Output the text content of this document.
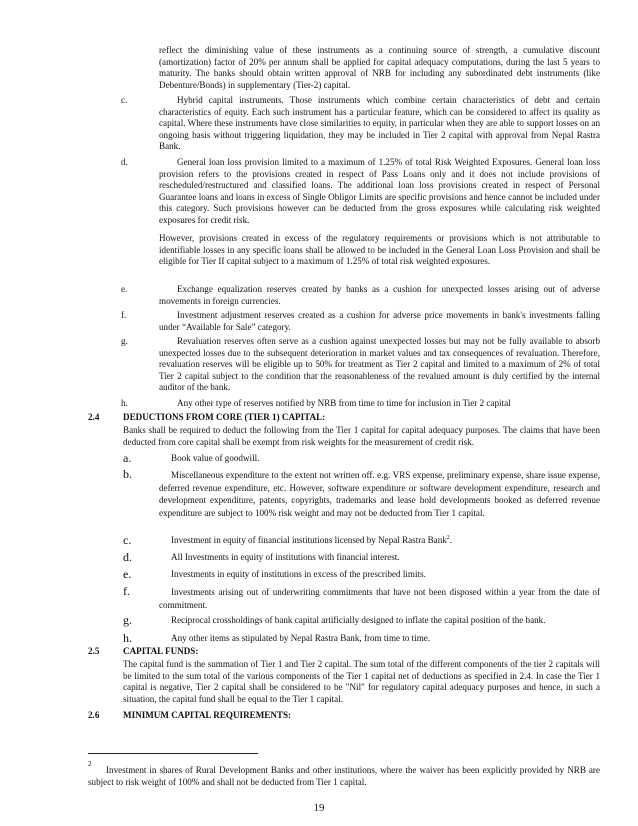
reflect the diminishing value of these instruments as a continuing source of strength, a cumulative discount (amortization) factor of 20% per annum shall be applied for capital adequacy computations, during the last 5 years to maturity. The banks should obtain written approval of NRB for including any subordinated debt instruments (like Debenture/Bonds) in supplementary (Tier-2) capital.

c.	Hybrid capital instruments. Those instruments which combine certain characteristics of debt and certain characteristics of equity. Each such instrument has a particular feature, which can be considered to affect its quality as capital. Where these instruments have close similarities to equity, in particular when they are able to support losses on an ongoing basis without triggering liquidation, they may be included in Tier 2 capital with approval from Nepal Rastra Bank.

d.	General loan loss provision limited to a maximum of 1.25% of total Risk Weighted Exposures. General loan loss provision refers to the provisions created in respect of Pass Loans only and it does not include provisions of rescheduled/restructured and classified loans. The additional loan loss provisions created in respect of Personal Guarantee loans and loans in excess of Single Obligor Limits are specific provisions and hence cannot be included under this category. Such provisions however can be deducted from the gross exposures while calculating risk weighted exposures for credit risk.

However, provisions created in excess of the regulatory requirements or provisions which is not attributable to identifiable losses in any specific loans shall be allowed to be included in the General Loan Loss Provision and shall be eligible for Tier II capital subject to a maximum of 1.25% of total risk weighted exposures.

e.	Exchange equalization reserves created by banks as a cushion for unexpected losses arising out of adverse movements in foreign currencies.

f.	Investment adjustment reserves created as a cushion for adverse price movements in bank's investments falling under “Available for Sale” category.

g.	Revaluation reserves often serve as a cushion against unexpected losses but may not be fully available to absorb unexpected losses due to the subsequent deterioration in market values and tax consequences of revaluation. Therefore, revaluation reserves will be eligible up to 50% for treatment as Tier 2 capital and limited to a maximum of 2% of total Tier 2 capital subject to the condition that the reasonableness of the revalued amount is duly certified by the internal auditor of the bank.

h.	Any other type of reserves notified by NRB from time to time for inclusion in Tier 2 capital

2.4	DEDUCTIONS FROM CORE (TIER 1) CAPITAL:

Banks shall be required to deduct the following from the Tier 1 capital for capital adequacy purposes. The claims that have been deducted from core capital shall be exempt from risk weights for the measurement of credit risk.

a.	Book value of goodwill.

b.	Miscellaneous expenditure to the extent not written off. e.g. VRS expense, preliminary expense, share issue expense, deferred revenue expenditure, etc. However, software expenditure or software development expenditure, research and development expenditure, patents, copyrights, trademarks and lease hold developments booked as deferred revenue expenditure are subject to 100% risk weight and may not be deducted from Tier 1 capital.

c.	Investment in equity of financial institutions licensed by Nepal Rastra Bank$^2$.

d.	All Investments in equity of institutions with financial interest.

e.	Investments in equity of institutions in excess of the prescribed limits.

f.	Investments arising out of underwriting commitments that have not been disposed within a year from the date of commitment.

g.	Reciprocal crossholdings of bank capital artificially designed to inflate the capital position of the bank.

h.	Any other items as stipulated by Nepal Rastra Bank, from time to time.

2.5	CAPITAL FUNDS:

The capital fund is the summation of Tier 1 and Tier 2 capital. The sum total of the different components of the tier 2 capitals will be limited to the sum total of the various components of the Tier 1 capital net of deductions as specified in 2.4. In case the Tier 1 capital is negative, Tier 2 capital shall be considered to be "Nil" for regulatory capital adequacy purposes and hence, in such a situation, the capital fund shall be equal to the Tier 1 capital.

2.6	MINIMUM CAPITAL REQUIREMENTS:
2

Investment in shares of Rural Development Banks and other institutions, where the waiver has been explicitly provided by NRB are subject to risk weight of 100% and shall not be deducted from Tier 1 capital.

19
